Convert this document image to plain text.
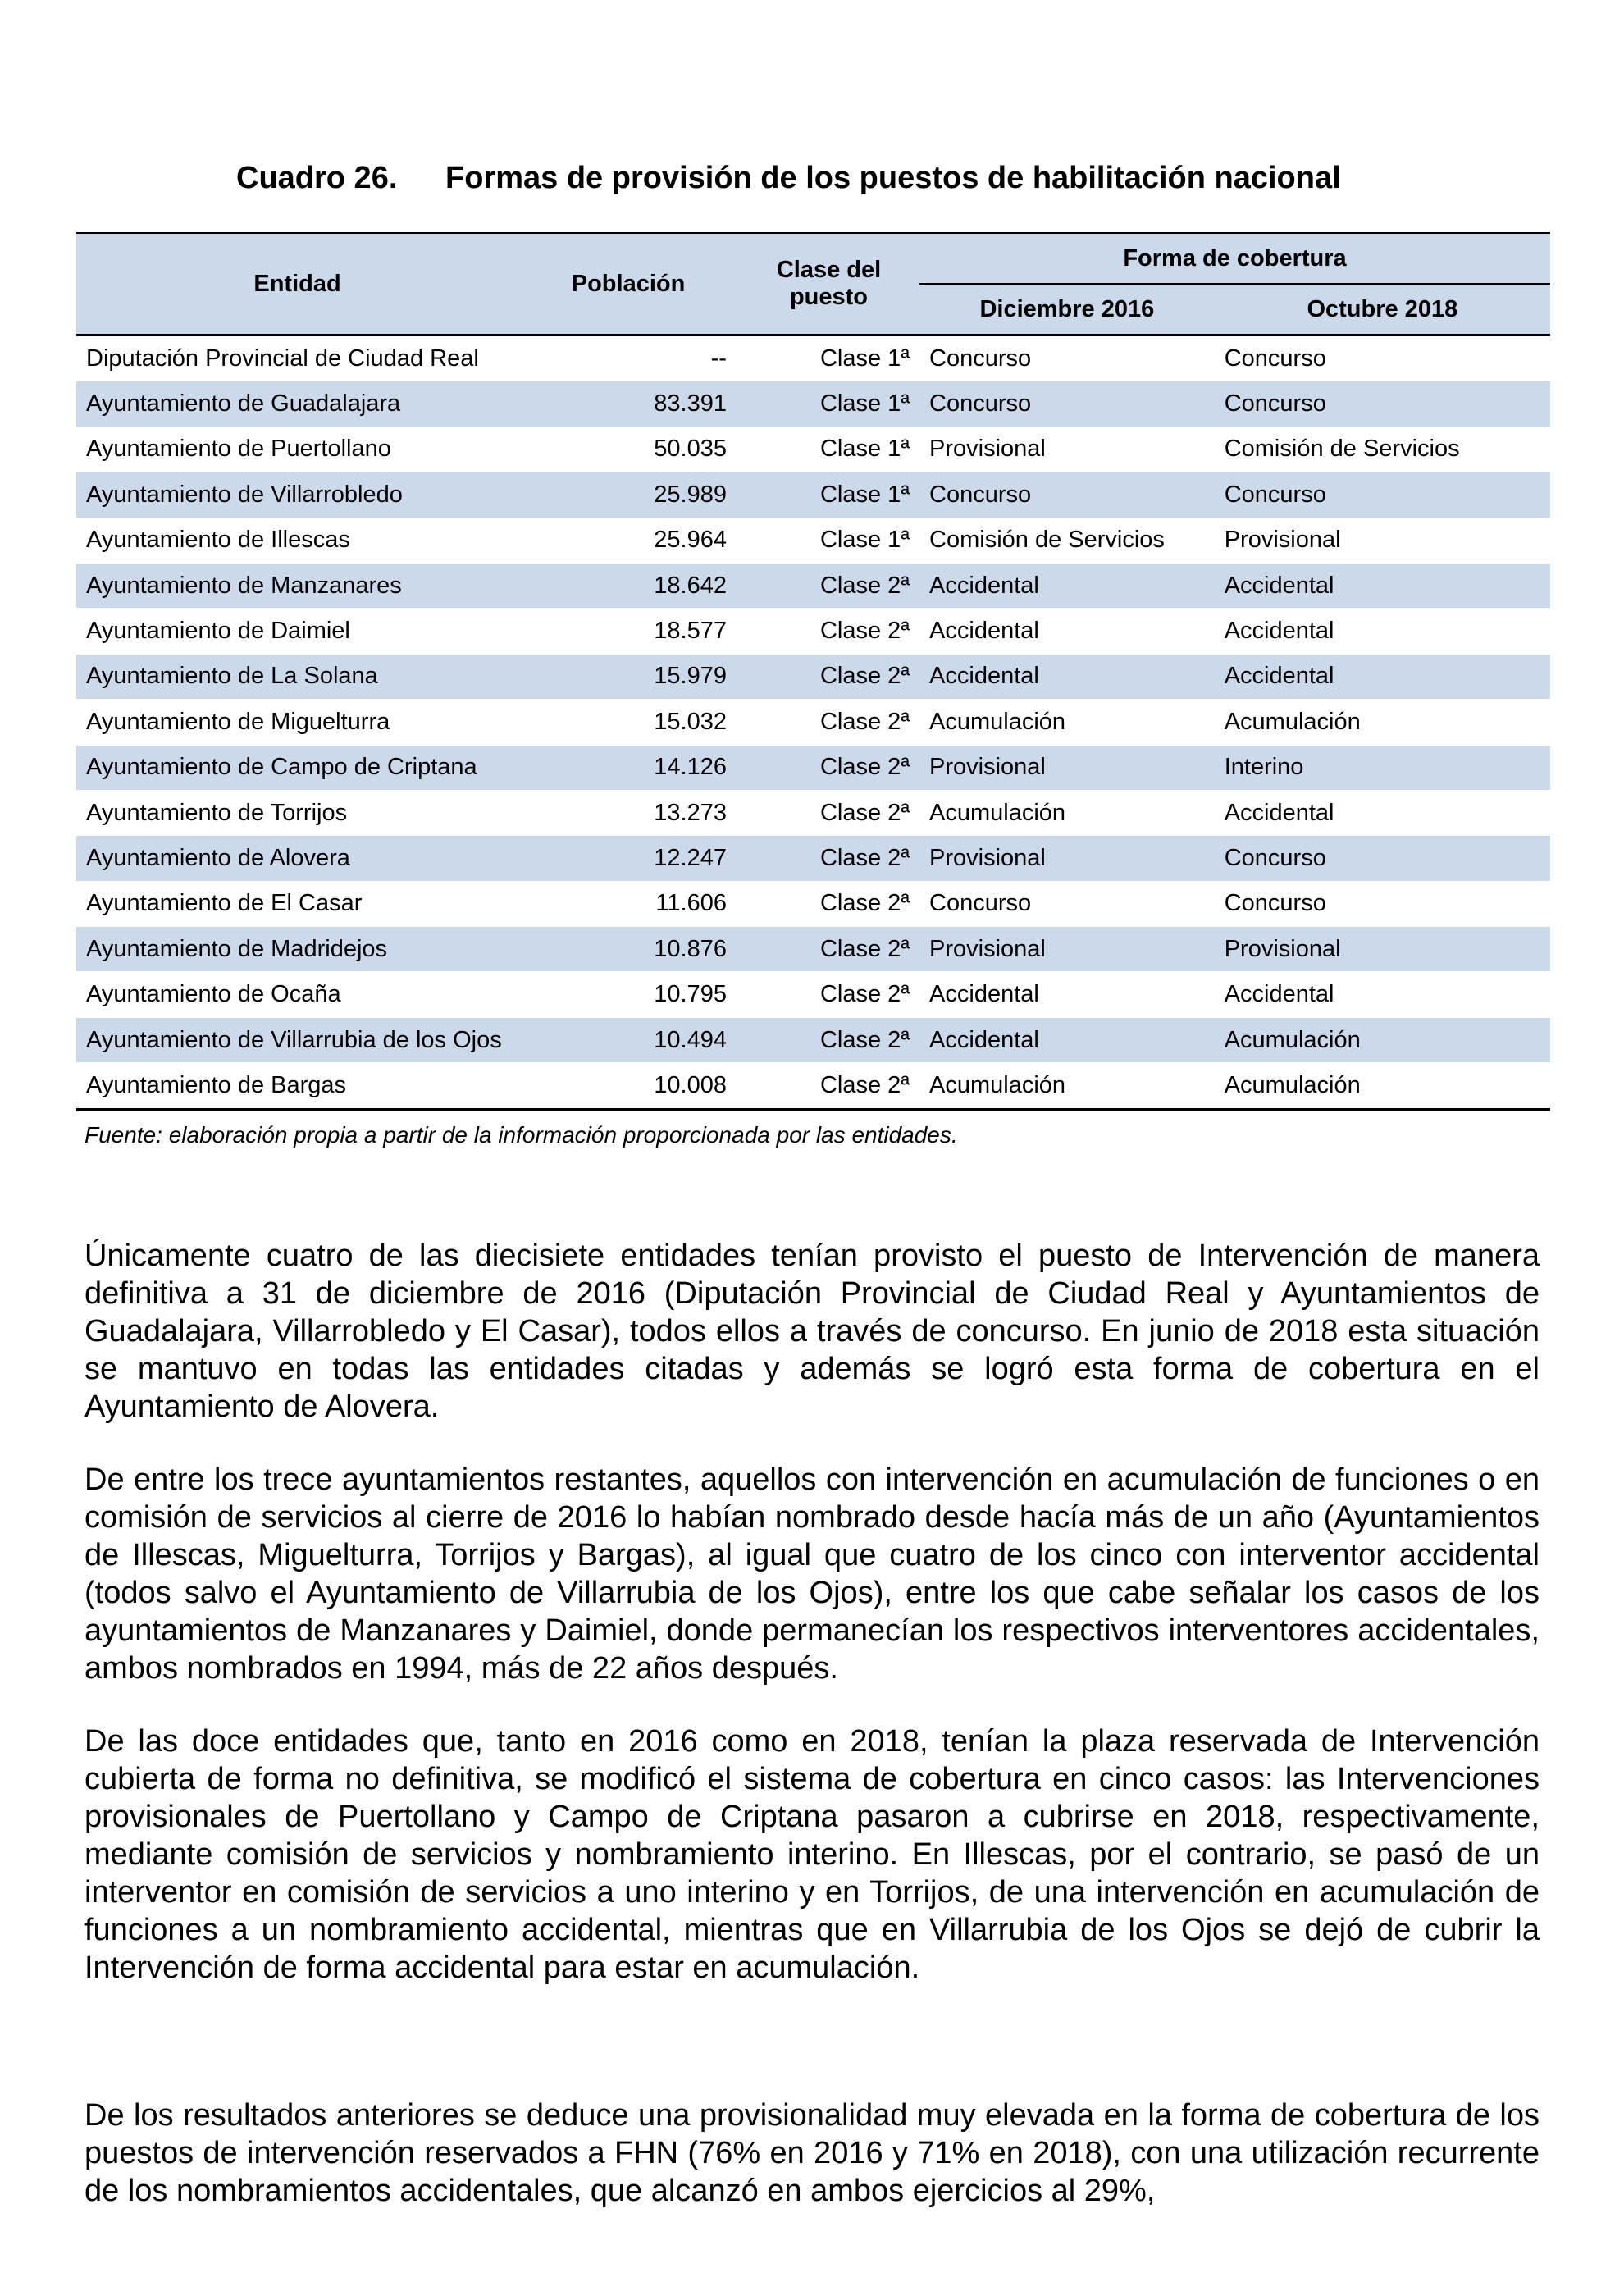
Cuadro 26. Formas de provisión de los puestos de habilitación nacional
Entidad	Población	Clase del puesto	Forma de cobertura	
			Diciembre 2016	Octubre 2018
Diputación Provincial de Ciudad Real	--	Clase 1ª	Concurso	Concurso
Ayuntamiento de Guadalajara	83.391	Clase 1ª	Concurso	Concurso
Ayuntamiento de Puertollano	50.035	Clase 1ª	Provisional	Comisión de Servicios
Ayuntamiento de Villarrobledo	25.989	Clase 1ª	Concurso	Concurso
Ayuntamiento de Illescas	25.964	Clase 1ª	Comisión de Servicios	Provisional
Ayuntamiento de Manzanares	18.642	Clase 2ª	Accidental	Accidental
Ayuntamiento de Daimiel	18.577	Clase 2ª	Accidental	Accidental
Ayuntamiento de La Solana	15.979	Clase 2ª	Accidental	Accidental
Ayuntamiento de Miguelturra	15.032	Clase 2ª	Acumulación	Acumulación
Ayuntamiento de Campo de Criptana	14.126	Clase 2ª	Provisional	Interino
Ayuntamiento de Torrijos	13.273	Clase 2ª	Acumulación	Accidental
Ayuntamiento de Alovera	12.247	Clase 2ª	Provisional	Concurso
Ayuntamiento de El Casar	11.606	Clase 2ª	Concurso	Concurso
Ayuntamiento de Madridejos	10.876	Clase 2ª	Provisional	Provisional
Ayuntamiento de Ocaña	10.795	Clase 2ª	Accidental	Accidental
Ayuntamiento de Villarrubia de los Ojos	10.494	Clase 2ª	Accidental	Acumulación
Ayuntamiento de Bargas	10.008	Clase 2ª	Acumulación	Acumulación
Fuente: elaboración propia a partir de la información proporcionada por las entidades.
Únicamente cuatro de las diecisiete entidades tenían provisto el puesto de Intervención de manera definitiva a 31 de diciembre de 2016 (Diputación Provincial de Ciudad Real y Ayuntamientos de Guadalajara, Villarrobledo y El Casar), todos ellos a través de concurso. En junio de 2018 esta situación se mantuvo en todas las entidades citadas y además se logró esta forma de cobertura en el Ayuntamiento de Alovera.
De entre los trece ayuntamientos restantes, aquellos con intervención en acumulación de funciones o en comisión de servicios al cierre de 2016 lo habían nombrado desde hacía más de un año (Ayuntamientos de Illescas, Miguelturra, Torrijos y Bargas), al igual que cuatro de los cinco con interventor accidental (todos salvo el Ayuntamiento de Villarrubia de los Ojos), entre los que cabe señalar los casos de los ayuntamientos de Manzanares y Daimiel, donde permanecían los respectivos interventores accidentales, ambos nombrados en 1994, más de 22 años después.
De las doce entidades que, tanto en 2016 como en 2018, tenían la plaza reservada de Intervención cubierta de forma no definitiva, se modificó el sistema de cobertura en cinco casos: las Intervenciones provisionales de Puertollano y Campo de Criptana pasaron a cubrirse en 2018, respectivamente, mediante comisión de servicios y nombramiento interino. En Illescas, por el contrario, se pasó de un interventor en comisión de servicios a uno interino y en Torrijos, de una intervención en acumulación de funciones a un nombramiento accidental, mientras que en Villarrubia de los Ojos se dejó de cubrir la Intervención de forma accidental para estar en acumulación.
De los resultados anteriores se deduce una provisionalidad muy elevada en la forma de cobertura de los puestos de intervención reservados a FHN (76% en 2016 y 71% en 2018), con una utilización recurrente de los nombramientos accidentales, que alcanzó en ambos ejercicios al 29%,
